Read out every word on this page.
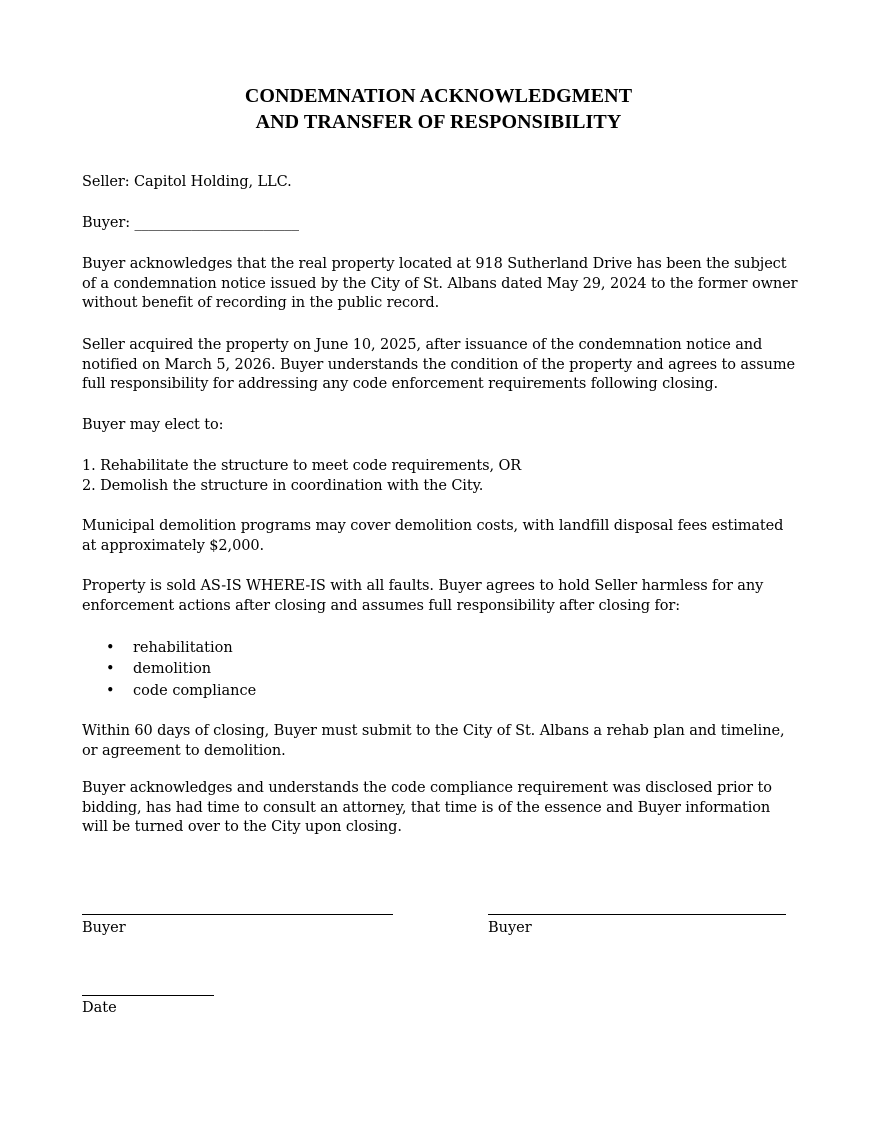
CONDEMNATION ACKNOWLEDGMENT
AND TRANSFER OF RESPONSIBILITY
Seller: Capitol Holding, LLC.
Buyer: _______________________
Buyer acknowledges that the real property located at 918 Sutherland Drive has been the subject
of a condemnation notice issued by the City of St. Albans dated May 29, 2024 to the former owner
without benefit of recording in the public record.
Seller acquired the property on June 10, 2025, after issuance of the condemnation notice and
notified on March 5, 2026. Buyer understands the condition of the property and agrees to assume
full responsibility for addressing any code enforcement requirements following closing.
Buyer may elect to:
1. Rehabilitate the structure to meet code requirements, OR
2. Demolish the structure in coordination with the City.
Municipal demolition programs may cover demolition costs, with landfill disposal fees estimated
at approximately $2,000.
Property is sold AS-IS WHERE-IS with all faults. Buyer agrees to hold Seller harmless for any
enforcement actions after closing and assumes full responsibility after closing for:
• rehabilitation
• demolition
• code compliance
Within 60 days of closing, Buyer must submit to the City of St. Albans a rehab plan and timeline,
or agreement to demolition.
Buyer acknowledges and understands the code compliance requirement was disclosed prior to
bidding, has had time to consult an attorney, that time is of the essence and Buyer information
will be turned over to the City upon closing.
Buyer	Buyer
Date
